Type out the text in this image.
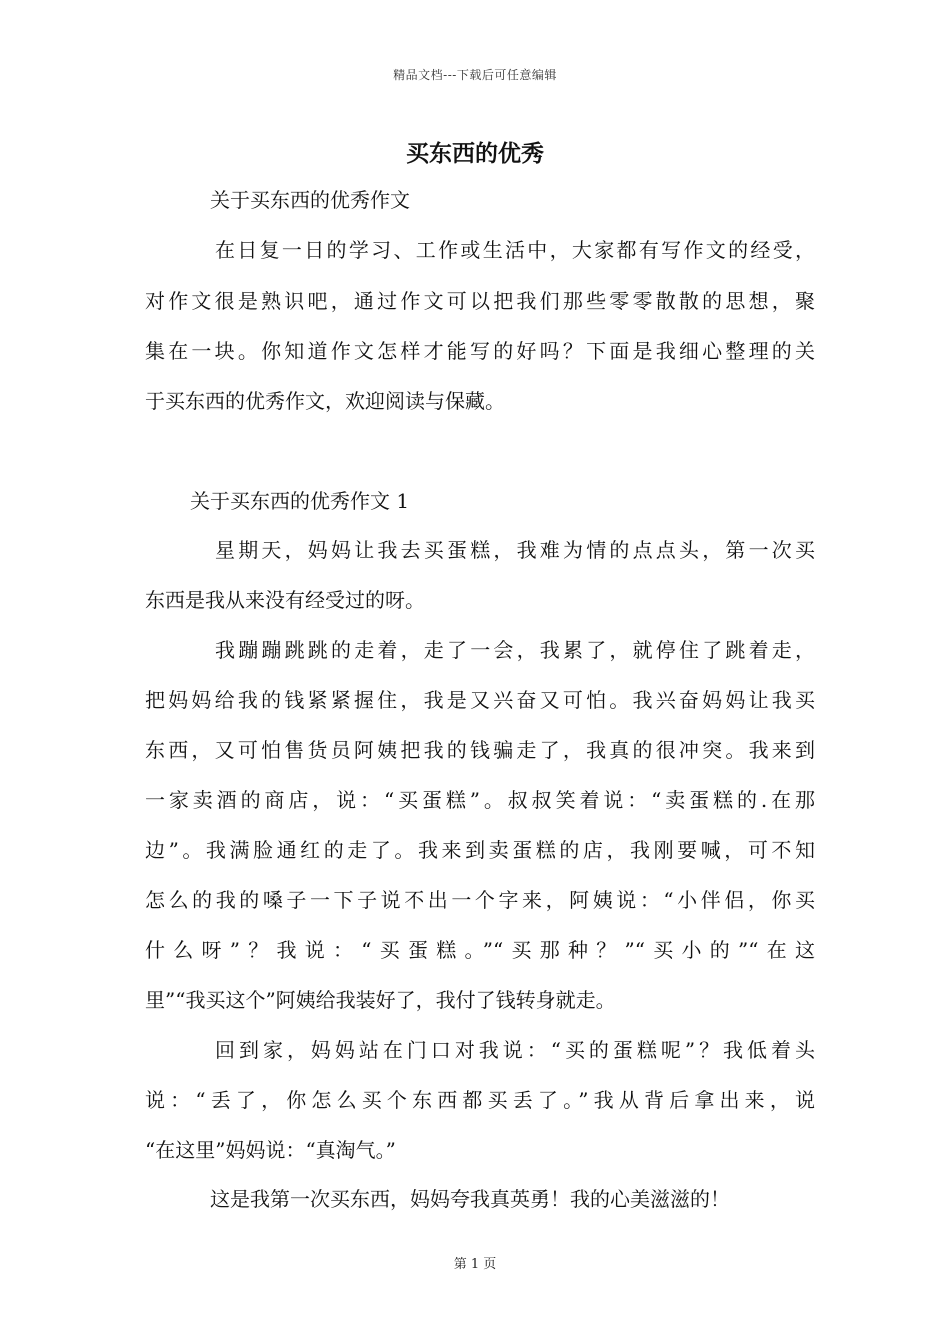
精品文档---下载后可任意编辑
买东西的优秀
关于买东西的优秀作文
在日复一日的学习、工作或生活中，大家都有写作文的经受，
对作文很是熟识吧，通过作文可以把我们那些零零散散的思想，聚
集在一块。你知道作文怎样才能写的好吗？下面是我细心整理的关
于买东西的优秀作文，欢迎阅读与保藏。
关于买东西的优秀作文 1
星期天，妈妈让我去买蛋糕，我难为情的点点头，第一次买
东西是我从来没有经受过的呀。
我蹦蹦跳跳的走着，走了一会，我累了，就停住了跳着走，
把妈妈给我的钱紧紧握住，我是又兴奋又可怕。我兴奋妈妈让我买
东西，又可怕售货员阿姨把我的钱骗走了，我真的很冲突。我来到
一家卖酒的商店，说：“买蛋糕”。叔叔笑着说：“卖蛋糕的.在那
边”。我满脸通红的走了。我来到卖蛋糕的店，我刚要喊，可不知
怎么的我的嗓子一下子说不出一个字来，阿姨说：“小伴侣，你买
什么呀”？我说：“买蛋糕。”“买那种？”“买小的”“在这
里”“我买这个”阿姨给我装好了，我付了钱转身就走。
回到家，妈妈站在门口对我说：“买的蛋糕呢”？我低着头
说：“丢了，你怎么买个东西都买丢了。”我从背后拿出来，说
“在这里”妈妈说：“真淘气。”
这是我第一次买东西，妈妈夸我真英勇！我的心美滋滋的！
第 1 页
